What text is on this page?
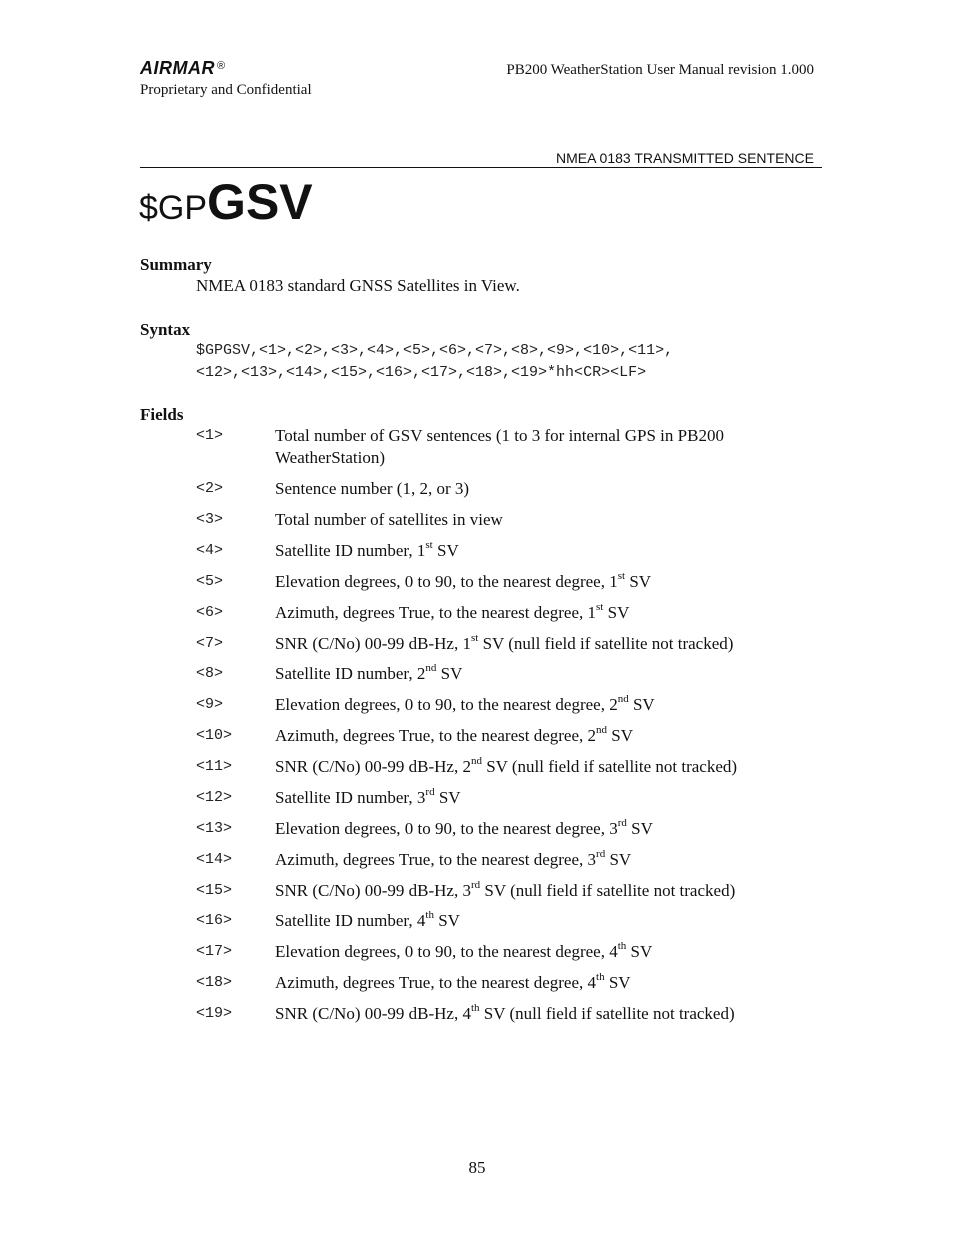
AIRMAR ®
Proprietary and Confidential
PB200 WeatherStation User Manual revision 1.000
NMEA 0183 TRANSMITTED SENTENCE
$GPGSV
Summary
NMEA 0183 standard GNSS Satellites in View.
Syntax
$GPGSV,<1>,<2>,<3>,<4>,<5>,<6>,<7>,<8>,<9>,<10>,<11>,
<12>,<13>,<14>,<15>,<16>,<17>,<18>,<19>*hh<CR><LF>
Fields
<1>	Total number of GSV sentences (1 to 3 for internal GPS in PB200 WeatherStation)
<2>	Sentence number (1, 2, or 3)
<3>	Total number of satellites in view
<4>	Satellite ID number, 1st SV
<5>	Elevation degrees, 0 to 90, to the nearest degree, 1st SV
<6>	Azimuth, degrees True, to the nearest degree, 1st SV
<7>	SNR (C/No) 00-99 dB-Hz, 1st SV (null field if satellite not tracked)
<8>	Satellite ID number, 2nd SV
<9>	Elevation degrees, 0 to 90, to the nearest degree, 2nd SV
<10>	Azimuth, degrees True, to the nearest degree, 2nd SV
<11>	SNR (C/No) 00-99 dB-Hz, 2nd SV (null field if satellite not tracked)
<12>	Satellite ID number, 3rd SV
<13>	Elevation degrees, 0 to 90, to the nearest degree, 3rd SV
<14>	Azimuth, degrees True, to the nearest degree, 3rd SV
<15>	SNR (C/No) 00-99 dB-Hz, 3rd SV (null field if satellite not tracked)
<16>	Satellite ID number, 4th SV
<17>	Elevation degrees, 0 to 90, to the nearest degree, 4th SV
<18>	Azimuth, degrees True, to the nearest degree, 4th SV
<19>	SNR (C/No) 00-99 dB-Hz, 4th SV (null field if satellite not tracked)
85
